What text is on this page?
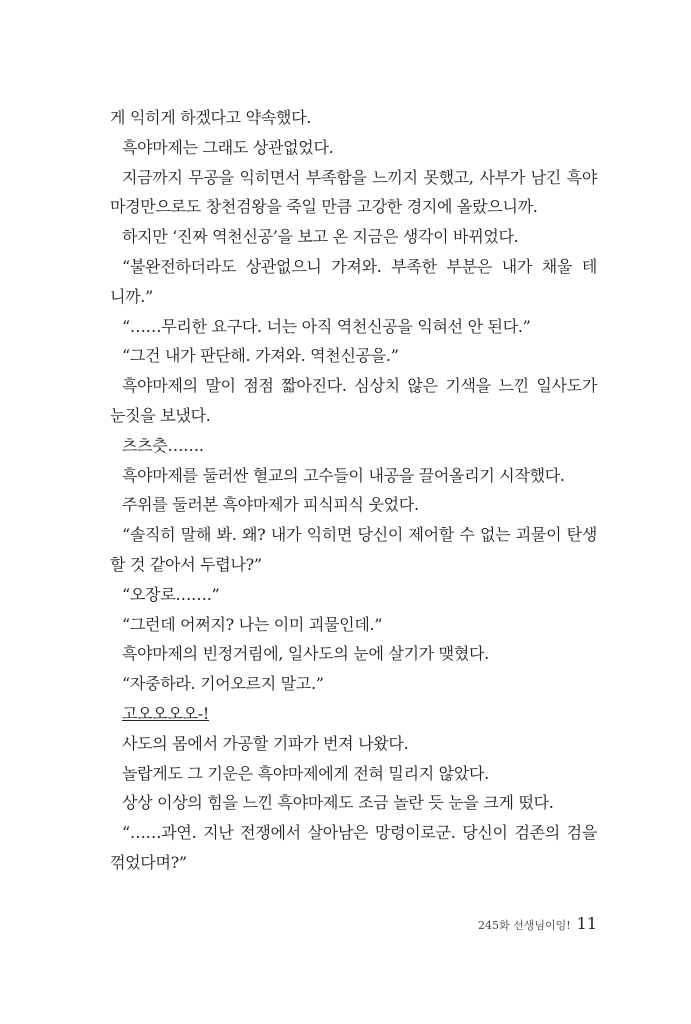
게 익히게 하겠다고 약속했다.
흑야마제는 그래도 상관없었다.
지금까지 무공을 익히면서 부족함을 느끼지 못했고, 사부가 남긴 흑야
마경만으로도 창천검왕을 죽일 만큼 고강한 경지에 올랐으니까.
하지만 ‘진짜 역천신공’을 보고 온 지금은 생각이 바뀌었다.
“불완전하더라도 상관없으니 가져와. 부족한 부분은 내가 채울 테
니까.”
“……무리한 요구다. 너는 아직 역천신공을 익혀선 안 된다.”
“그건 내가 판단해. 가져와. 역천신공을.”
흑야마제의 말이 점점 짧아진다. 심상치 않은 기색을 느낀 일사도가
눈짓을 보냈다.
츠츠츳…….
흑야마제를 둘러싼 혈교의 고수들이 내공을 끌어올리기 시작했다.
주위를 둘러본 흑야마제가 피식피식 웃었다.
“솔직히 말해 봐. 왜? 내가 익히면 당신이 제어할 수 없는 괴물이 탄생
할 것 같아서 두렵나?”
“오장로…….”
“그런데 어쩌지? 나는 이미 괴물인데.”
흑야마제의 빈정거림에, 일사도의 눈에 살기가 맺혔다.
“자중하라. 기어오르지 말고.”
고오오오오-!
사도의 몸에서 가공할 기파가 번져 나왔다.
놀랍게도 그 기운은 흑야마제에게 전혀 밀리지 않았다.
상상 이상의 힘을 느낀 흑야마제도 조금 놀란 듯 눈을 크게 떴다.
“……과연. 지난 전쟁에서 살아남은 망령이로군. 당신이 검존의 검을
꺾었다며?”
245화 선생님이잉! 11
